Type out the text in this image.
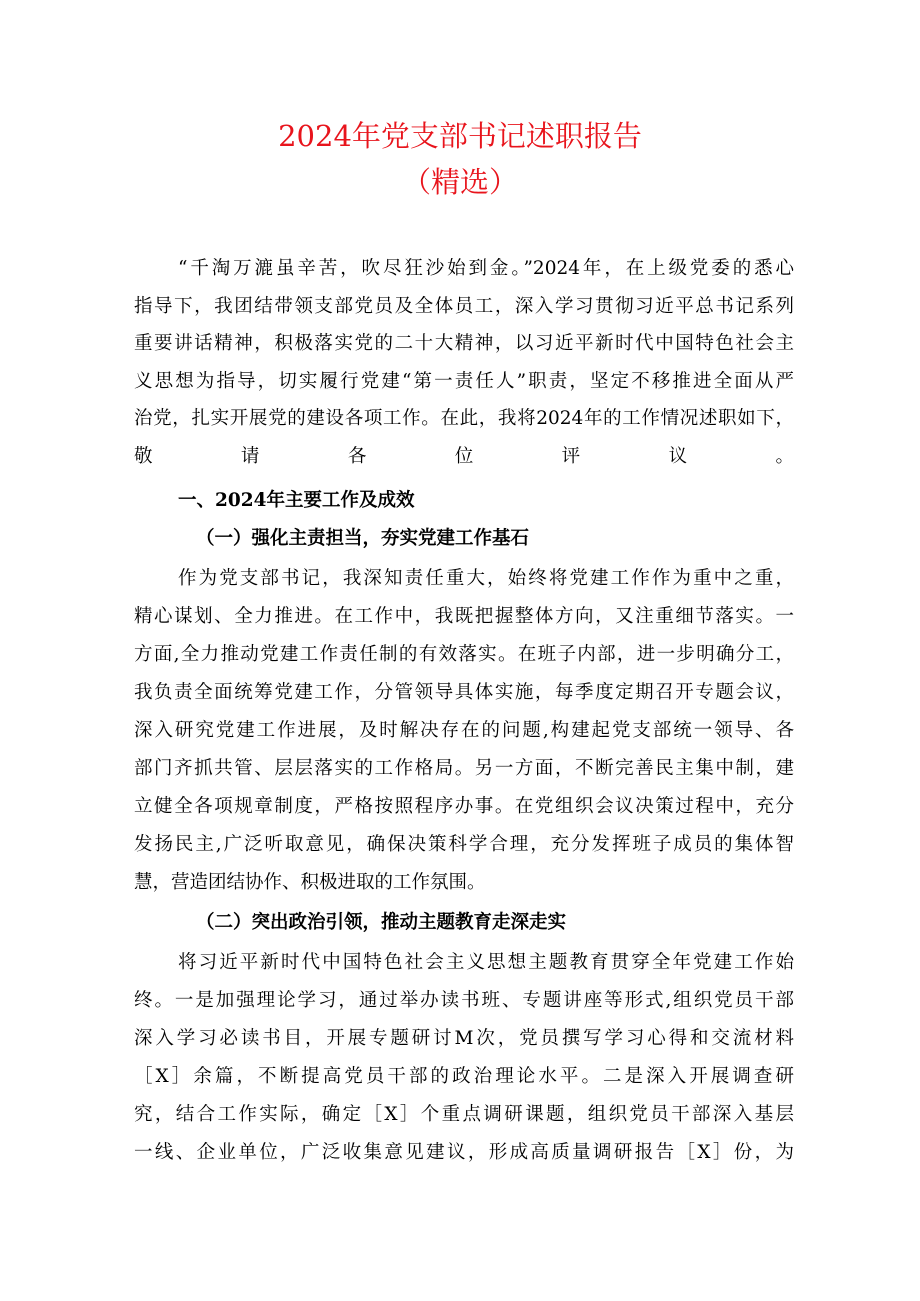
2024年党支部书记述职报告
（精选）
“千淘万漉虽辛苦，吹尽狂沙始到金。”2024年，在上级党委的悉心
指导下，我团结带领支部党员及全体员工，深入学习贯彻习近平总书记系列
重要讲话精神，积极落实党的二十大精神，以习近平新时代中国特色社会主
义思想为指导，切实履行党建“第一责任人”职责，坚定不移推进全面从严
治党，扎实开展党的建设各项工作。在此，我将2024年的工作情况述职如下，
敬请各位评议。
一、2024年主要工作及成效
（一）强化主责担当，夯实党建工作基石
作为党支部书记，我深知责任重大，始终将党建工作作为重中之重，
精心谋划、全力推进。在工作中，我既把握整体方向，又注重细节落实。一
方面,全力推动党建工作责任制的有效落实。在班子内部，进一步明确分工，
我负责全面统筹党建工作，分管领导具体实施，每季度定期召开专题会议，
深入研究党建工作进展，及时解决存在的问题,构建起党支部统一领导、各
部门齐抓共管、层层落实的工作格局。另一方面，不断完善民主集中制，建
立健全各项规章制度，严格按照程序办事。在党组织会议决策过程中，充分
发扬民主,广泛听取意见，确保决策科学合理，充分发挥班子成员的集体智
慧，营造团结协作、积极进取的工作氛围。
（二）突出政治引领，推动主题教育走深走实
将习近平新时代中国特色社会主义思想主题教育贯穿全年党建工作始
终。一是加强理论学习，通过举办读书班、专题讲座等形式,组织党员干部
深入学习必读书目，开展专题研讨M次，党员撰写学习心得和交流材料
［X］余篇，不断提高党员干部的政治理论水平。二是深入开展调查研
究，结合工作实际，确定［X］个重点调研课题，组织党员干部深入基层
一线、企业单位，广泛收集意见建议，形成高质量调研报告［X］份，为
